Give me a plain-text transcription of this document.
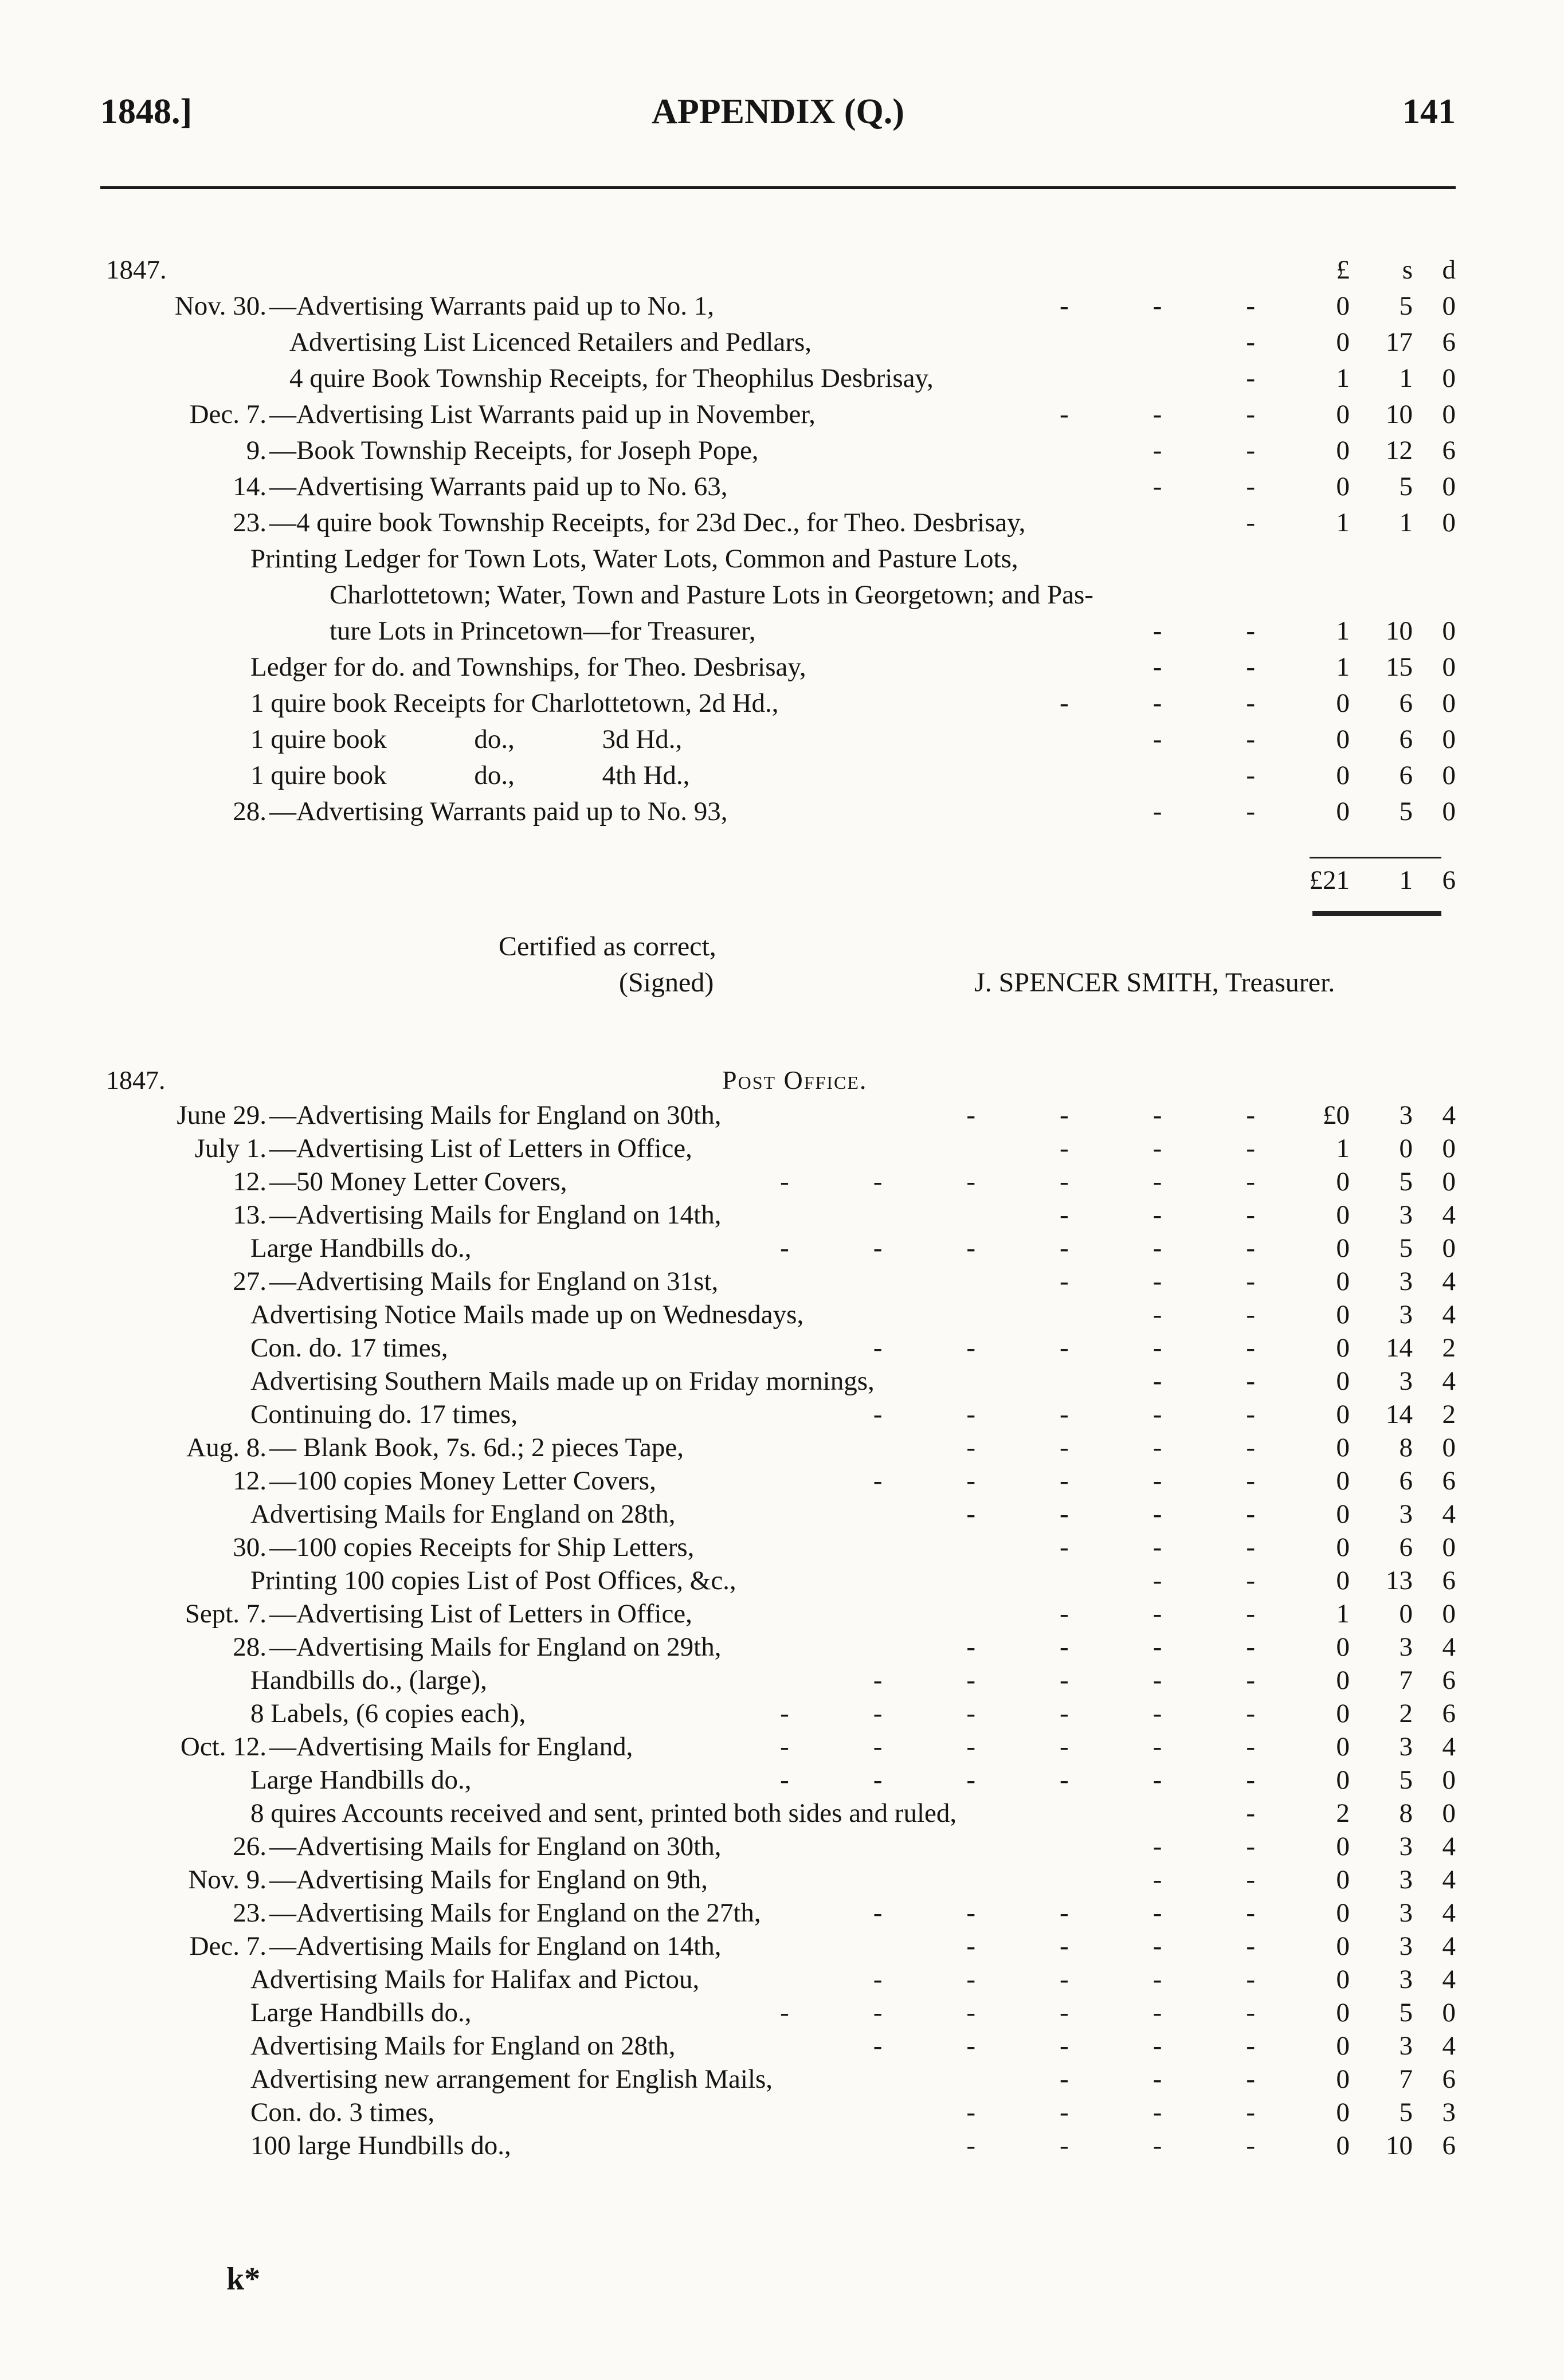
1848.]	APPENDIX (Q.)	141
1847.	£	s	d
Nov. 30. —Advertising Warrants paid up to No. 1,	-    -    -	0	5	0
Advertising List Licenced Retailers and Pedlars,	-	0	17	6
4 quire Book Township Receipts, for Theophilus Desbrisay,	-	1	1	0
Dec. 7. —Advertising List Warrants paid up in November,	-    -    -	0	10	0
9. —Book Township Receipts, for Joseph Pope,	-    -	0	12	6
14. —Advertising Warrants paid up to No. 63,	-    -	0	5	0
23. —4 quire book Township Receipts, for 23d Dec., for Theo. Desbrisay,	-	1	1	0
Printing Ledger for Town Lots, Water Lots, Common and Pasture Lots,
Charlottetown; Water, Town and Pasture Lots in Georgetown; and Pas-
ture Lots in Princetown—for Treasurer,	-    -	1	10	0
Ledger for do. and Townships, for Theo. Desbrisay,	-    -	1	15	0
1 quire book Receipts for Charlottetown, 2d Hd.,	-    -    -	0	6	0
1 quire book             do.,             3d Hd.,	-    -	0	6	0
1 quire book             do.,             4th Hd.,	-	0	6	0
28. —Advertising Warrants paid up to No. 93,	-    -	0	5	0
£21	1	6
Certified as correct,
(Signed)	J. SPENCER SMITH, Treasurer.
1847.	Post Office.
June 29. —Advertising Mails for England on 30th,	-    -    -    -	£0	3	4
July 1. —Advertising List of Letters in Office,	-    -    -	1	0	0
12. —50 Money Letter Covers,	-    -    -    -    -    -	0	5	0
13. —Advertising Mails for England on 14th,	-    -    -	0	3	4
Large Handbills do.,	-    -    -    -    -    -	0	5	0
27. —Advertising Mails for England on 31st,	-    -    -	0	3	4
Advertising Notice Mails made up on Wednesdays,	-    -	0	3	4
Con. do. 17 times,	-    -    -    -    -	0	14	2
Advertising Southern Mails made up on Friday mornings,	-    -	0	3	4
Continuing do. 17 times,	-    -    -    -    -	0	14	2
Aug. 8. — Blank Book, 7s. 6d.; 2 pieces Tape,	-    -    -    -	0	8	0
12. —100 copies Money Letter Covers,	-    -    -    -    -	0	6	6
Advertising Mails for England on 28th,	-    -    -    -	0	3	4
30. —100 copies Receipts for Ship Letters,	-    -    -	0	6	0
Printing 100 copies List of Post Offices, &c.,	-    -	0	13	6
Sept. 7. —Advertising List of Letters in Office,	-    -    -	1	0	0
28. —Advertising Mails for England on 29th,	-    -    -    -	0	3	4
Handbills do., (large),	-    -    -    -    -	0	7	6
8 Labels, (6 copies each),	-    -    -    -    -    -	0	2	6
Oct. 12. —Advertising Mails for England,	-    -    -    -    -    -	0	3	4
Large Handbills do.,	-    -    -    -    -    -	0	5	0
8 quires Accounts received and sent, printed both sides and ruled,	-	2	8	0
26. —Advertising Mails for England on 30th,	-    -	0	3	4
Nov. 9. —Advertising Mails for England on 9th,	-    -	0	3	4
23. —Advertising Mails for England on the 27th,	-    -    -    -    -	0	3	4
Dec. 7. —Advertising Mails for England on 14th,	-    -    -    -	0	3	4
Advertising Mails for Halifax and Pictou,	-    -    -    -    -	0	3	4
Large Handbills do.,	-    -    -    -    -    -	0	5	0
Advertising Mails for England on 28th,	-    -    -    -    -	0	3	4
Advertising new arrangement for English Mails,	-    -    -	0	7	6
Con. do. 3 times,	-    -    -    -	0	5	3
100 large Hundbills do.,	-    -    -    -	0	10	6
k*
